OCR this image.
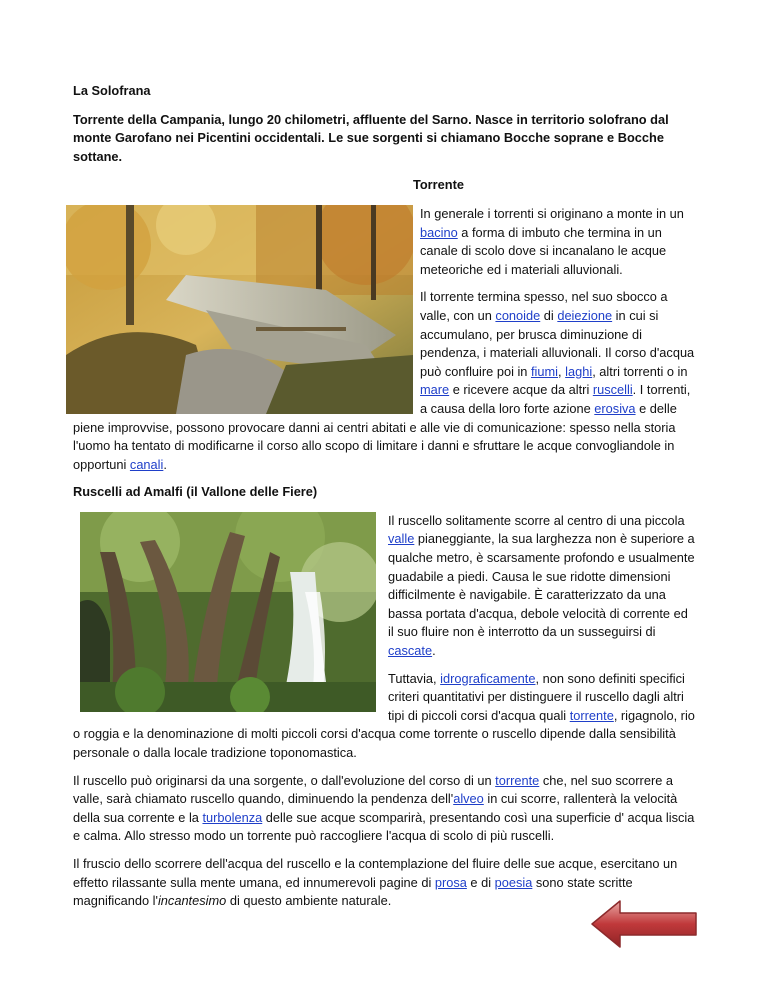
La Solofrana
Torrente della Campania, lungo 20 chilometri, affluente del Sarno. Nasce in territorio solofrano dal monte Garofano nei Picentini occidentali. Le sue sorgenti si chiamano Bocche soprane e Bocche sottane.
Torrente

In generale i torrenti si originano a monte in un bacino a forma di imbuto che termina in un canale di scolo dove si incanalano le acque meteoriche ed i materiali alluvionali.

Il torrente termina spesso, nel suo sbocco a valle, con un conoide di deiezione in cui si accumulano, per brusca diminuzione di pendenza, i materiali alluvionali. Il corso d'acqua può confluire poi in fiumi, laghi, altri torrenti o in mare e ricevere acque da altri ruscelli. I torrenti, a causa della loro forte azione erosiva e delle piene improvvise, possono provocare danni ai centri abitati e alle vie di comunicazione: spesso nella storia l'uomo ha tentato di modificarne il corso allo scopo di limitare i danni e sfruttare le acque convogliandole in opportuni canali.

Ruscelli ad Amalfi (il Vallone delle Fiere)

Il ruscello solitamente scorre al centro di una piccola valle pianeggiante, la sua larghezza non è superiore a qualche metro, è scarsamente profondo e usualmente guadabile a piedi. Causa le sue ridotte dimensioni difficilmente è navigabile. È caratterizzato da una bassa portata d'acqua, debole velocità di corrente ed il suo fluire non è interrotto da un susseguirsi di cascate.

Tuttavia, idrograficamente, non sono definiti specifici criteri quantitativi per distinguere il ruscello dagli altri tipi di piccoli corsi d'acqua quali torrente, rigagnolo, rio o roggia e la denominazione di molti piccoli corsi d'acqua come torrente o ruscello dipende dalla sensibilità personale o dalla locale tradizione toponomastica.

Il ruscello può originarsi da una sorgente, o dall'evoluzione del corso di un torrente che, nel suo scorrere a valle, sarà chiamato ruscello quando, diminuendo la pendenza dell'alveo in cui scorre, rallenterà la velocità della sua corrente e la turbolenza delle sue acque scomparirà, presentando così una superficie d' acqua liscia e calma. Allo stresso modo un torrente può raccogliere l'acqua di scolo di più ruscelli.

Il fruscio dello scorrere dell'acqua del ruscello e la contemplazione del fluire delle sue acque, esercitano un effetto rilassante sulla mente umana, ed innumerevoli pagine di prosa e di poesia sono state scritte magnificando l'incantesimo di questo ambiente naturale.
